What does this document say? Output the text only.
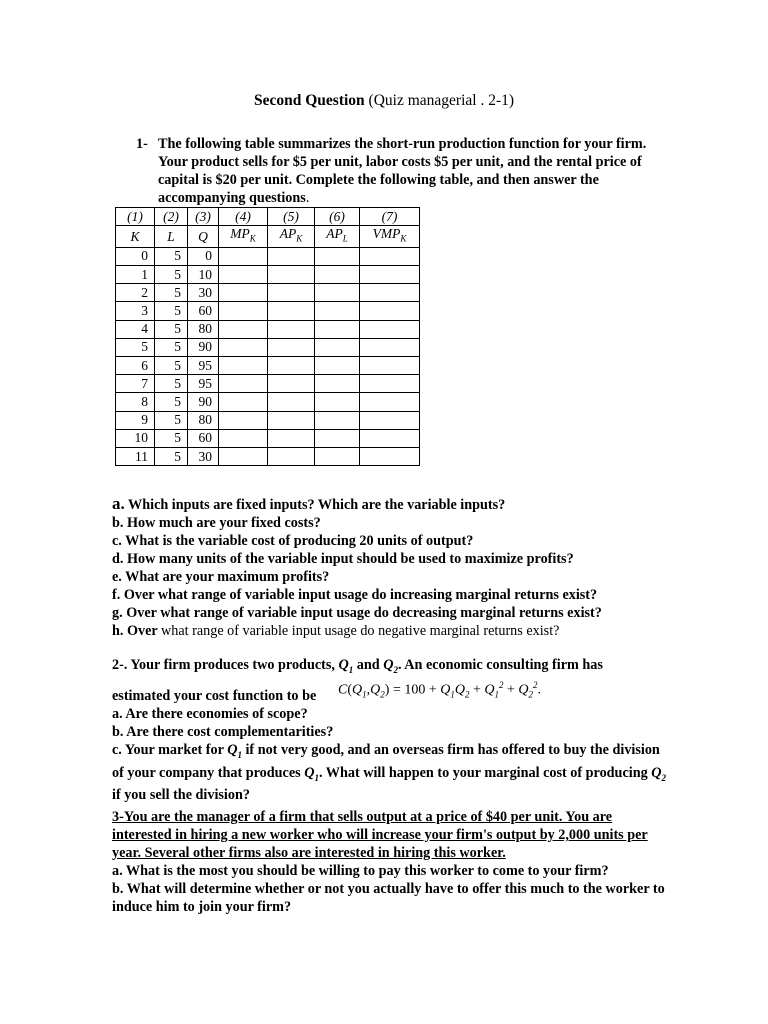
Second Question (Quiz managerial . 2-1)
1- The following table summarizes the short-run production function for your firm. Your product sells for $5 per unit, labor costs $5 per unit, and the rental price of capital is $20 per unit. Complete the following table, and then answer the accompanying questions.
(1)	(2)	(3)	(4)	(5)	(6)	(7)
K	L	Q	$MP_K$	$AP_K$	$AP_L$	$VMP_K$
0	5	0				
1	5	10				
2	5	30				
3	5	60				
4	5	80				
5	5	90				
6	5	95				
7	5	95				
8	5	90				
9	5	80				
10	5	60				
11	5	30				
a. Which inputs are fixed inputs? Which are the variable inputs?
b. How much are your fixed costs?
c. What is the variable cost of producing 20 units of output?
d. How many units of the variable input should be used to maximize profits?
e. What are your maximum profits?
f. Over what range of variable input usage do increasing marginal returns exist?
g. Over what range of variable input usage do decreasing marginal returns exist?
h. Over what range of variable input usage do negative marginal returns exist?
2-. Your firm produces two products, $Q_1$ and $Q_2$. An economic consulting firm has
estimated your cost function to be $C(Q_1,Q_2) = 100 + Q_1Q_2 + Q_1^2 + Q_2^2$.
a. Are there economies of scope?
b. Are there cost complementarities?
c. Your market for $Q_1$ if not very good, and an overseas firm has offered to buy the division of your company that produces $Q_1$. What will happen to your marginal cost of producing $Q_2$ if you sell the division?
3-You are the manager of a firm that sells output at a price of $40 per unit. You are interested in hiring a new worker who will increase your firm's output by 2,000 units per year. Several other firms also are interested in hiring this worker.
a. What is the most you should be willing to pay this worker to come to your firm?
b. What will determine whether or not you actually have to offer this much to the worker to induce him to join your firm?
